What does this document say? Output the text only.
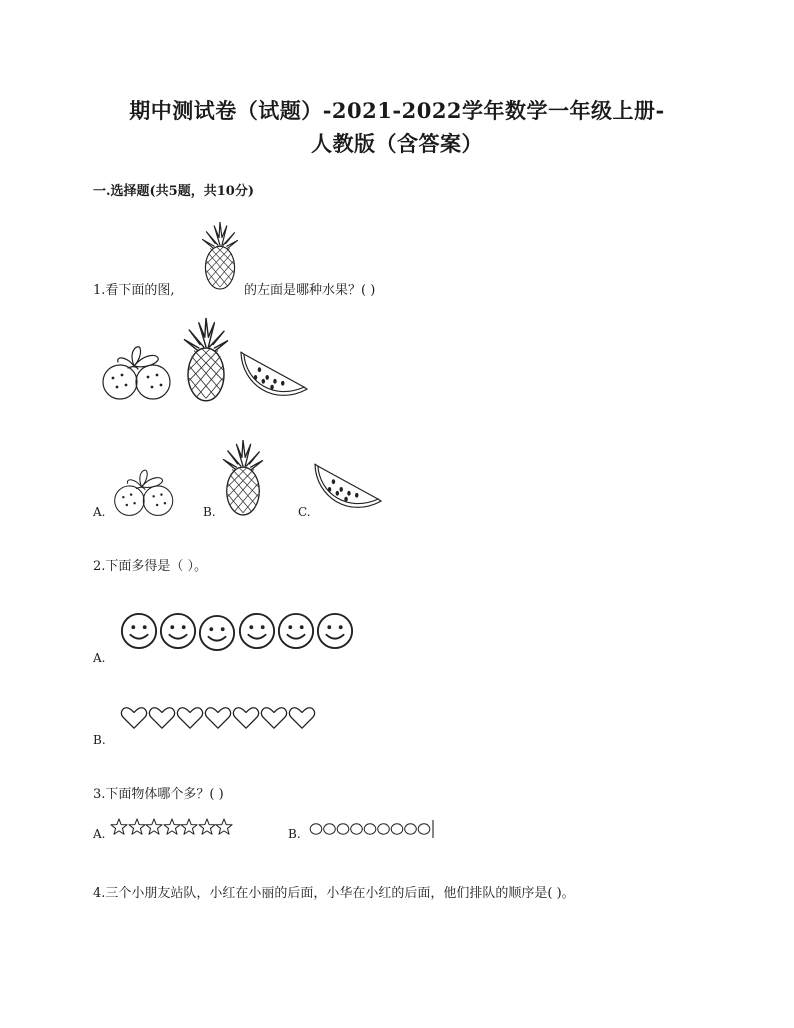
期中测试卷（试题）-2021-2022学年数学一年级上册-
人教版（含答案）
一.选择题(共5题，共10分)
1.看下面的图,	的左面是哪种水果？( )
A.	B.	C.
2.下面多得是（ ）。
A.
B.
3.下面物体哪个多？( )
A.	B.
4.三个小朋友站队，小红在小丽的后面，小华在小红的后面，他们排队的顺序是( )。
